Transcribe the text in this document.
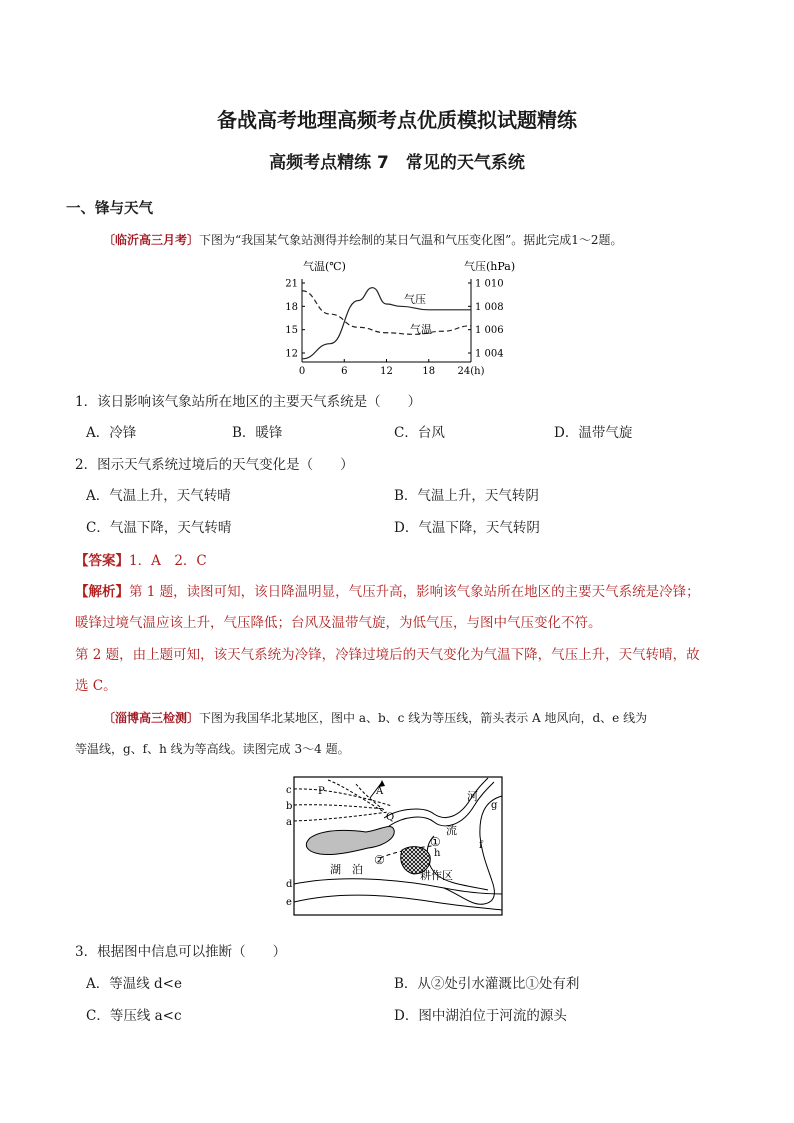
备战高考地理高频考点优质模拟试题精练
高频考点精练 7　常见的天气系统
一、锋与天气
〔临沂高三月考〕下图为“我国某气象站测得并绘制的某日气温和气压变化图”。据此完成1～2题。
气温(℃)	气压(hPa)
0	6	12	18 24(h)
21
18
15
12
1 010
1 008
1 006
1 004
气压
气温
1．该日影响该气象站所在地区的主要天气系统是（　　）
A．冷锋	B．暖锋	C．台风	D．温带气旋
2．图示天气系统过境后的天气变化是（　　）
A．气温上升，天气转晴	B．气温上升，天气转阴
C．气温下降，天气转晴	D．气温下降，天气转阴
【答案】1．A　2．C
【解析】第 1 题，读图可知，该日降温明显，气压升高，影响该气象站所在地区的主要天气系统是冷锋；
暖锋过境气温应该上升，气压降低；台风及温带气旋，为低气压，与图中气压变化不符。
第 2 题，由上题可知，该天气系统为冷锋，冷锋过境后的天气变化为气温下降，气压上升，天气转晴，故
选 C。
〔淄博高三检测〕下图为我国华北某地区，图中 a、b、c 线为等压线，箭头表示 A 地风向，d、e 线为
等温线，g、f、h 线为等高线。读图完成 3～4 题。
c
b
a
d
e
P	A
Q
g
f
h
①
②
河
流
湖　泊	耕作区
3．根据图中信息可以推断（　　）
A．等温线 d<e	B．从②处引水灌溉比①处有利
C．等压线 a<c	D．图中湖泊位于河流的源头
